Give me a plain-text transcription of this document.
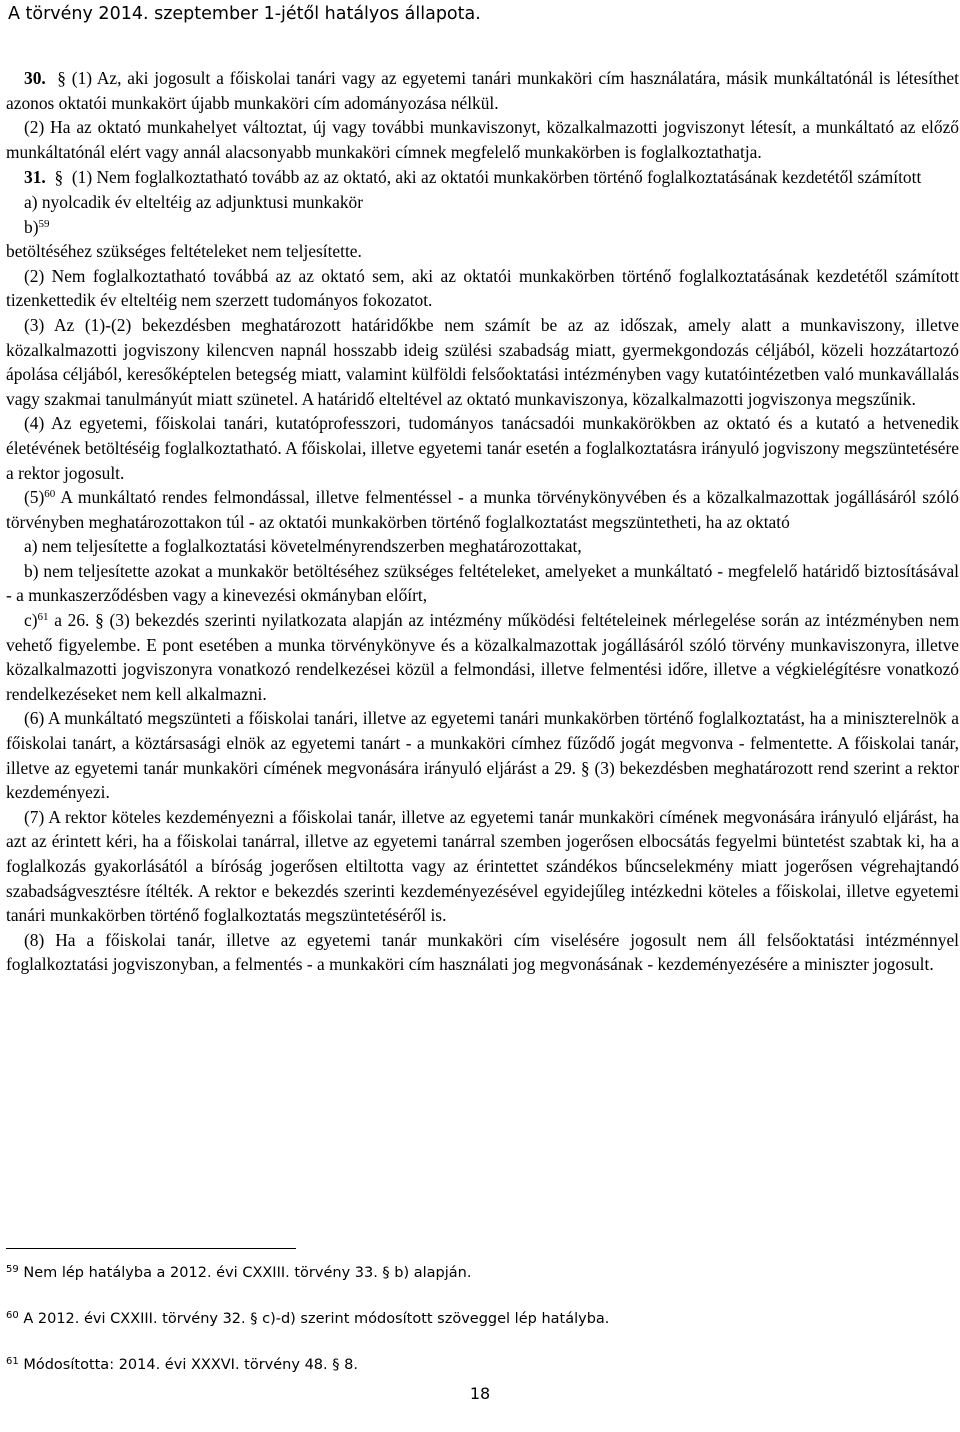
A törvény 2014. szeptember 1-jétől hatályos állapota.

30. § (1) Az, aki jogosult a főiskolai tanári vagy az egyetemi tanári munkaköri cím használatára, másik munkáltatónál is létesíthet azonos oktatói munkakört újabb munkaköri cím adományozása nélkül.

(2) Ha az oktató munkahelyet változtat, új vagy további munkaviszonyt, közalkalmazotti jogviszonyt létesít, a munkáltató az előző munkáltatónál elért vagy annál alacsonyabb munkaköri címnek megfelelő munkakörben is foglalkoztathatja.

31. § (1) Nem foglalkoztatható tovább az az oktató, aki az oktatói munkakörben történő foglalkoztatásának kezdetétől számított

a) nyolcadik év elteltéig az adjunktusi munkakör

b)$^{59}$

betöltéséhez szükséges feltételeket nem teljesítette.

(2) Nem foglalkoztatható továbbá az az oktató sem, aki az oktatói munkakörben történő foglalkoztatásának kezdetétől számított tizenkettedik év elteltéig nem szerzett tudományos fokozatot.

(3) Az (1)-(2) bekezdésben meghatározott határidőkbe nem számít be az az időszak, amely alatt a munkaviszony, illetve közalkalmazotti jogviszony kilencven napnál hosszabb ideig szülési szabadság miatt, gyermekgondozás céljából, közeli hozzátartozó ápolása céljából, keresőképtelen betegség miatt, valamint külföldi felsőoktatási intézményben vagy kutatóintézetben való munkavállalás vagy szakmai tanulmányút miatt szünetel. A határidő elteltével az oktató munkaviszonya, közalkalmazotti jogviszonya megszűnik.

(4) Az egyetemi, főiskolai tanári, kutatóprofesszori, tudományos tanácsadói munkakörökben az oktató és a kutató a hetvenedik életévének betöltéséig foglalkoztatható. A főiskolai, illetve egyetemi tanár esetén a foglalkoztatásra irányuló jogviszony megszüntetésére a rektor jogosult.

$(5)^{60}$ A munkáltató rendes felmondással, illetve felmentéssel - a munka törvénykönyvében és a közalkalmazottak jogállásáról szóló törvényben meghatározottakon túl - az oktatói munkakörben történő foglalkoztatást megszüntetheti, ha az oktató

a) nem teljesítette a foglalkoztatási követelményrendszerben meghatározottakat,

b) nem teljesítette azokat a munkakör betöltéséhez szükséges feltételeket, amelyeket a munkáltató - megfelelő határidő biztosításával - a munkaszerződésben vagy a kinevezési okmányban előírt,

c)$^{61}$ a 26. § (3) bekezdés szerinti nyilatkozata alapján az intézmény működési feltételeinek mérlegelése során az intézményben nem vehető figyelembe. E pont esetében a munka törvénykönyve és a közalkalmazottak jogállásáról szóló törvény munkaviszonyra, illetve közalkalmazotti jogviszonyra vonatkozó rendelkezései közül a felmondási, illetve felmentési időre, illetve a végkielégítésre vonatkozó rendelkezéseket nem kell alkalmazni.

(6) A munkáltató megszünteti a főiskolai tanári, illetve az egyetemi tanári munkakörben történő foglalkoztatást, ha a miniszterelnök a főiskolai tanárt, a köztársasági elnök az egyetemi tanárt - a munkaköri címhez fűződő jogát megvonva - felmentette. A főiskolai tanár, illetve az egyetemi tanár munkaköri címének megvonására irányuló eljárást a 29. § (3) bekezdésben meghatározott rend szerint a rektor kezdeményezi.

(7) A rektor köteles kezdeményezni a főiskolai tanár, illetve az egyetemi tanár munkaköri címének megvonására irányuló eljárást, ha azt az érintett kéri, ha a főiskolai tanárral, illetve az egyetemi tanárral szemben jogerősen elbocsátás fegyelmi büntetést szabtak ki, ha a foglalkozás gyakorlásától a bíróság jogerősen eltiltotta vagy az érintettet szándékos bűncselekmény miatt jogerősen végrehajtandó szabadságvesztésre ítélték. A rektor e bekezdés szerinti kezdeményezésével egyidejűleg intézkedni köteles a főiskolai, illetve egyetemi tanári munkakörben történő foglalkoztatás megszüntetéséről is.

(8) Ha a főiskolai tanár, illetve az egyetemi tanár munkaköri cím viselésére jogosult nem áll felsőoktatási intézménnyel foglalkoztatási jogviszonyban, a felmentés - a munkaköri cím használati jog megvonásának - kezdeményezésére a miniszter jogosult.

$^{59}$ Nem lép hatályba a 2012. évi CXXIII. törvény 33. § b) alapján.
$^{60}$ A 2012. évi CXXIII. törvény 32. § c)-d) szerint módosított szöveggel lép hatályba.
$^{61}$ Módosította: 2014. évi XXXVI. törvény 48. § 8.
18
